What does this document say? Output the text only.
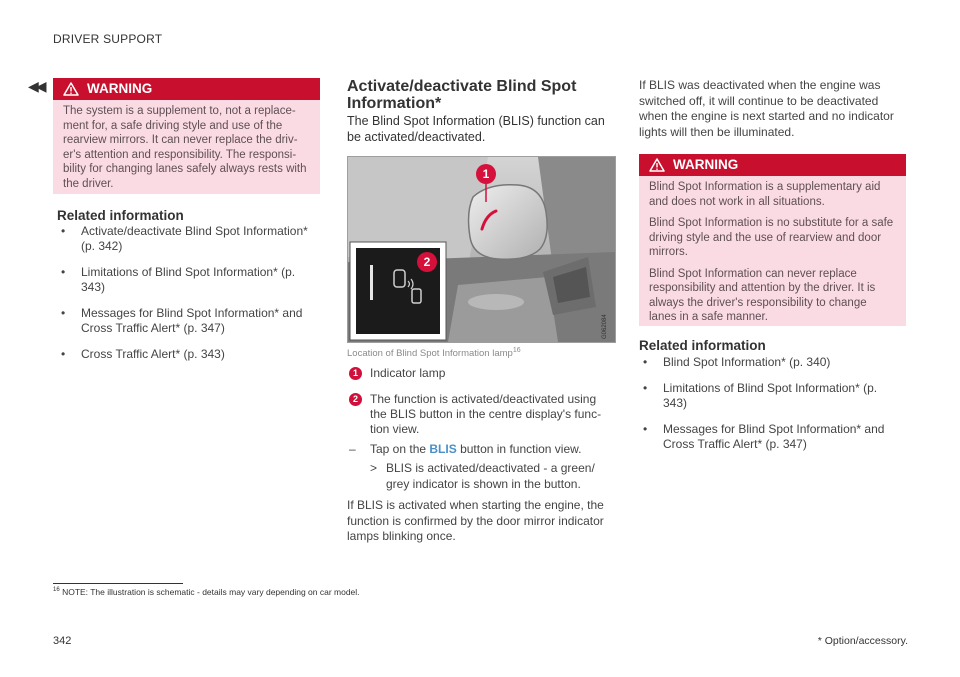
DRIVER SUPPORT
◀◀	WARNING

The system is a supplement to, not a replace-ment for, a safe driving style and use of the rearview mirrors. It can never replace the driv-er's attention and responsibility. The responsi-bility for changing lanes safely always rests with the driver.

Related information
• Activate/deactivate Blind Spot Information* (p. 342)
• Limitations of Blind Spot Information* (p. 343)
• Messages for Blind Spot Information* and Cross Traffic Alert* (p. 347)
• Cross Traffic Alert* (p. 343)
Activate/deactivate Blind Spot Information*
The Blind Spot Information (BLIS) function can be activated/deactivated.
1
2
G062084
Location of Blind Spot Information lamp$^{16}$
1	Indicator lamp
2	The function is activated/deactivated using the BLIS button in the centre display's func-tion view.
–	Tap on the BLIS button in function view.
> BLIS is activated/deactivated - a green/ grey indicator is shown in the button.
If BLIS is activated when starting the engine, the function is confirmed by the door mirror indicator lamps blinking once.
If BLIS was deactivated when the engine was switched off, it will continue to be deactivated when the engine is next started and no indicator lights will then be illuminated.
WARNING

Blind Spot Information is a supplementary aid and does not work in all situations.

Blind Spot Information is no substitute for a safe driving style and the use of rearview and door mirrors.

Blind Spot Information can never replace responsibility and attention by the driver. It is always the driver's responsibility to change lanes in a safe manner.

Related information
• Blind Spot Information* (p. 340)
• Limitations of Blind Spot Information* (p. 343)
• Messages for Blind Spot Information* and Cross Traffic Alert* (p. 347)
$^{16}$ NOTE: The illustration is schematic - details may vary depending on car model.
* Option/accessory.
342
